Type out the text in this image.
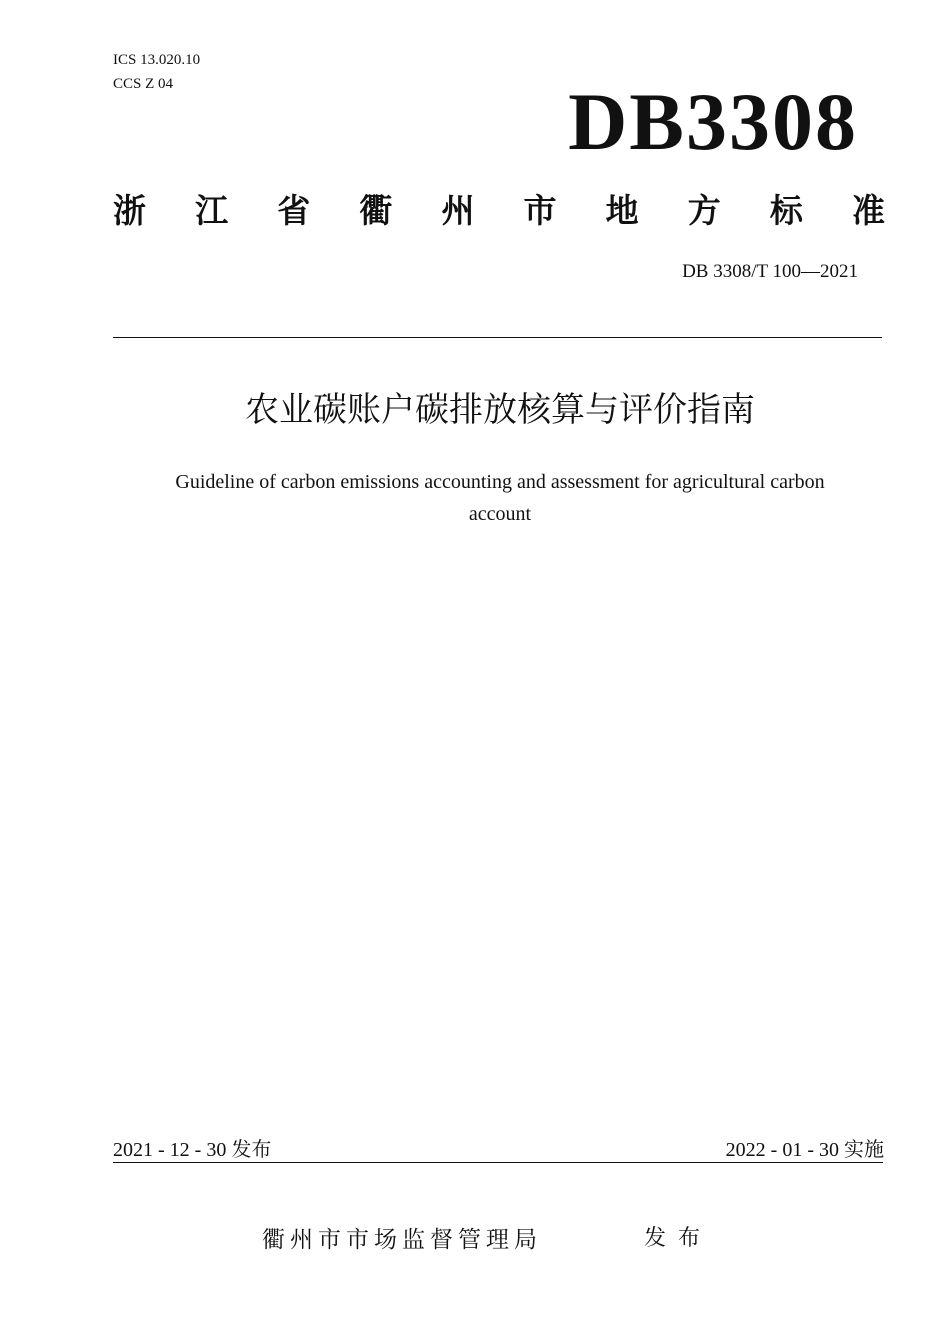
ICS 13.020.10
CCS Z 04	DB3308
浙 江 省 衢 州 市 地 方 标 准
DB 3308/T 100—2021
农业碳账户碳排放核算与评价指南
Guideline of carbon emissions accounting and assessment for agricultural carbon
account
2021 - 12 - 30 发布	2022 - 01 - 30 实施
衢州市市场监督管理局	发布
